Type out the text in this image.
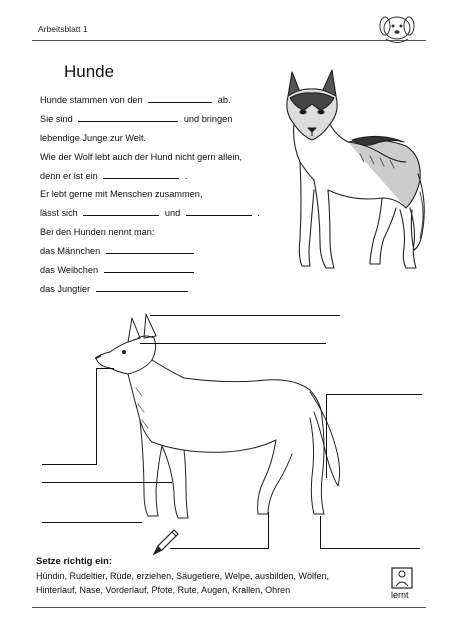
Arbeitsblatt 1
Hunde
Hunde stammen von den	ab.
Sie sind	und bringen
lebendige Junge zur Welt.
Wie der Wolf lebt auch der Hund nicht gern allein,
denn er ist ein	.
Er lebt gerne mit Menschen zusammen,
lässt sich	und	.
Bei den Hunden nennt man:
das Männchen
das Weibchen
das Jungtier
Setze richtig ein:
Hündin, Rudeltier, Rüde, erziehen, Säugetiere, Welpe, ausbilden, Wölfen,
Hinterlauf, Nase, Vorderlauf, Pfote, Rute, Augen, Krallen, Ohren	lernt
